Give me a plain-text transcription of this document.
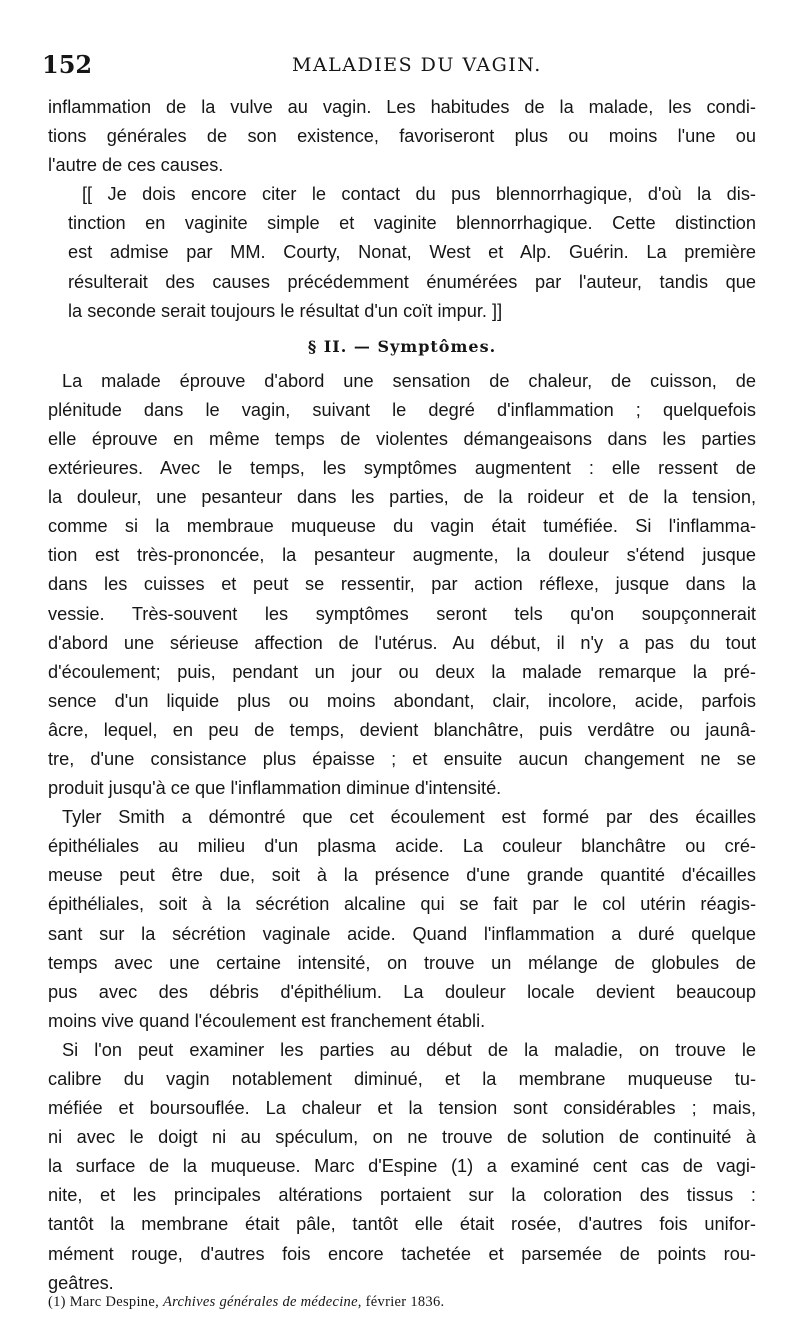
152	MALADIES DU VAGIN.

inflammation de la vulve au vagin. Les habitudes de la malade, les condi-
tions générales de son existence, favoriseront plus ou moins l'une ou
l'autre de ces causes.

[[ Je dois encore citer le contact du pus blennorrhagique, d'où la dis-
tinction en vaginite simple et vaginite blennorrhagique. Cette distinction
est admise par MM. Courty, Nonat, West et Alp. Guérin. La première
résulterait des causes précédemment énumérées par l'auteur, tandis que
la seconde serait toujours le résultat d'un coït impur. ]]

§ II. — Symptômes.

La malade éprouve d'abord une sensation de chaleur, de cuisson, de
plénitude dans le vagin, suivant le degré d'inflammation ; quelquefois
elle éprouve en même temps de violentes démangeaisons dans les parties
extérieures. Avec le temps, les symptômes augmentent : elle ressent de
la douleur, une pesanteur dans les parties, de la roideur et de la tension,
comme si la membraue muqueuse du vagin était tuméfiée. Si l'inflamma-
tion est très-prononcée, la pesanteur augmente, la douleur s'étend jusque
dans les cuisses et peut se ressentir, par action réflexe, jusque dans la
vessie. Très-souvent les symptômes seront tels qu'on soupçonnerait
d'abord une sérieuse affection de l'utérus. Au début, il n'y a pas du tout
d'écoulement; puis, pendant un jour ou deux la malade remarque la pré-
sence d'un liquide plus ou moins abondant, clair, incolore, acide, parfois
âcre, lequel, en peu de temps, devient blanchâtre, puis verdâtre ou jaunâ-
tre, d'une consistance plus épaisse ; et ensuite aucun changement ne se
produit jusqu'à ce que l'inflammation diminue d'intensité.

Tyler Smith a démontré que cet écoulement est formé par des écailles
épithéliales au milieu d'un plasma acide. La couleur blanchâtre ou cré-
meuse peut être due, soit à la présence d'une grande quantité d'écailles
épithéliales, soit à la sécrétion alcaline qui se fait par le col utérin réagis-
sant sur la sécrétion vaginale acide. Quand l'inflammation a duré quelque
temps avec une certaine intensité, on trouve un mélange de globules de
pus avec des débris d'épithélium. La douleur locale devient beaucoup
moins vive quand l'écoulement est franchement établi.

Si l'on peut examiner les parties au début de la maladie, on trouve le
calibre du vagin notablement diminué, et la membrane muqueuse tu-
méfiée et boursouflée. La chaleur et la tension sont considérables ; mais,
ni avec le doigt ni au spéculum, on ne trouve de solution de continuité à
la surface de la muqueuse. Marc d'Espine (1) a examiné cent cas de vagi-
nite, et les principales altérations portaient sur la coloration des tissus :
tantôt la membrane était pâle, tantôt elle était rosée, d'autres fois unifor-
mément rouge, d'autres fois encore tachetée et parsemée de points rou-
geâtres.

(1) Marc Despine, Archives générales de médecine, février 1836.
